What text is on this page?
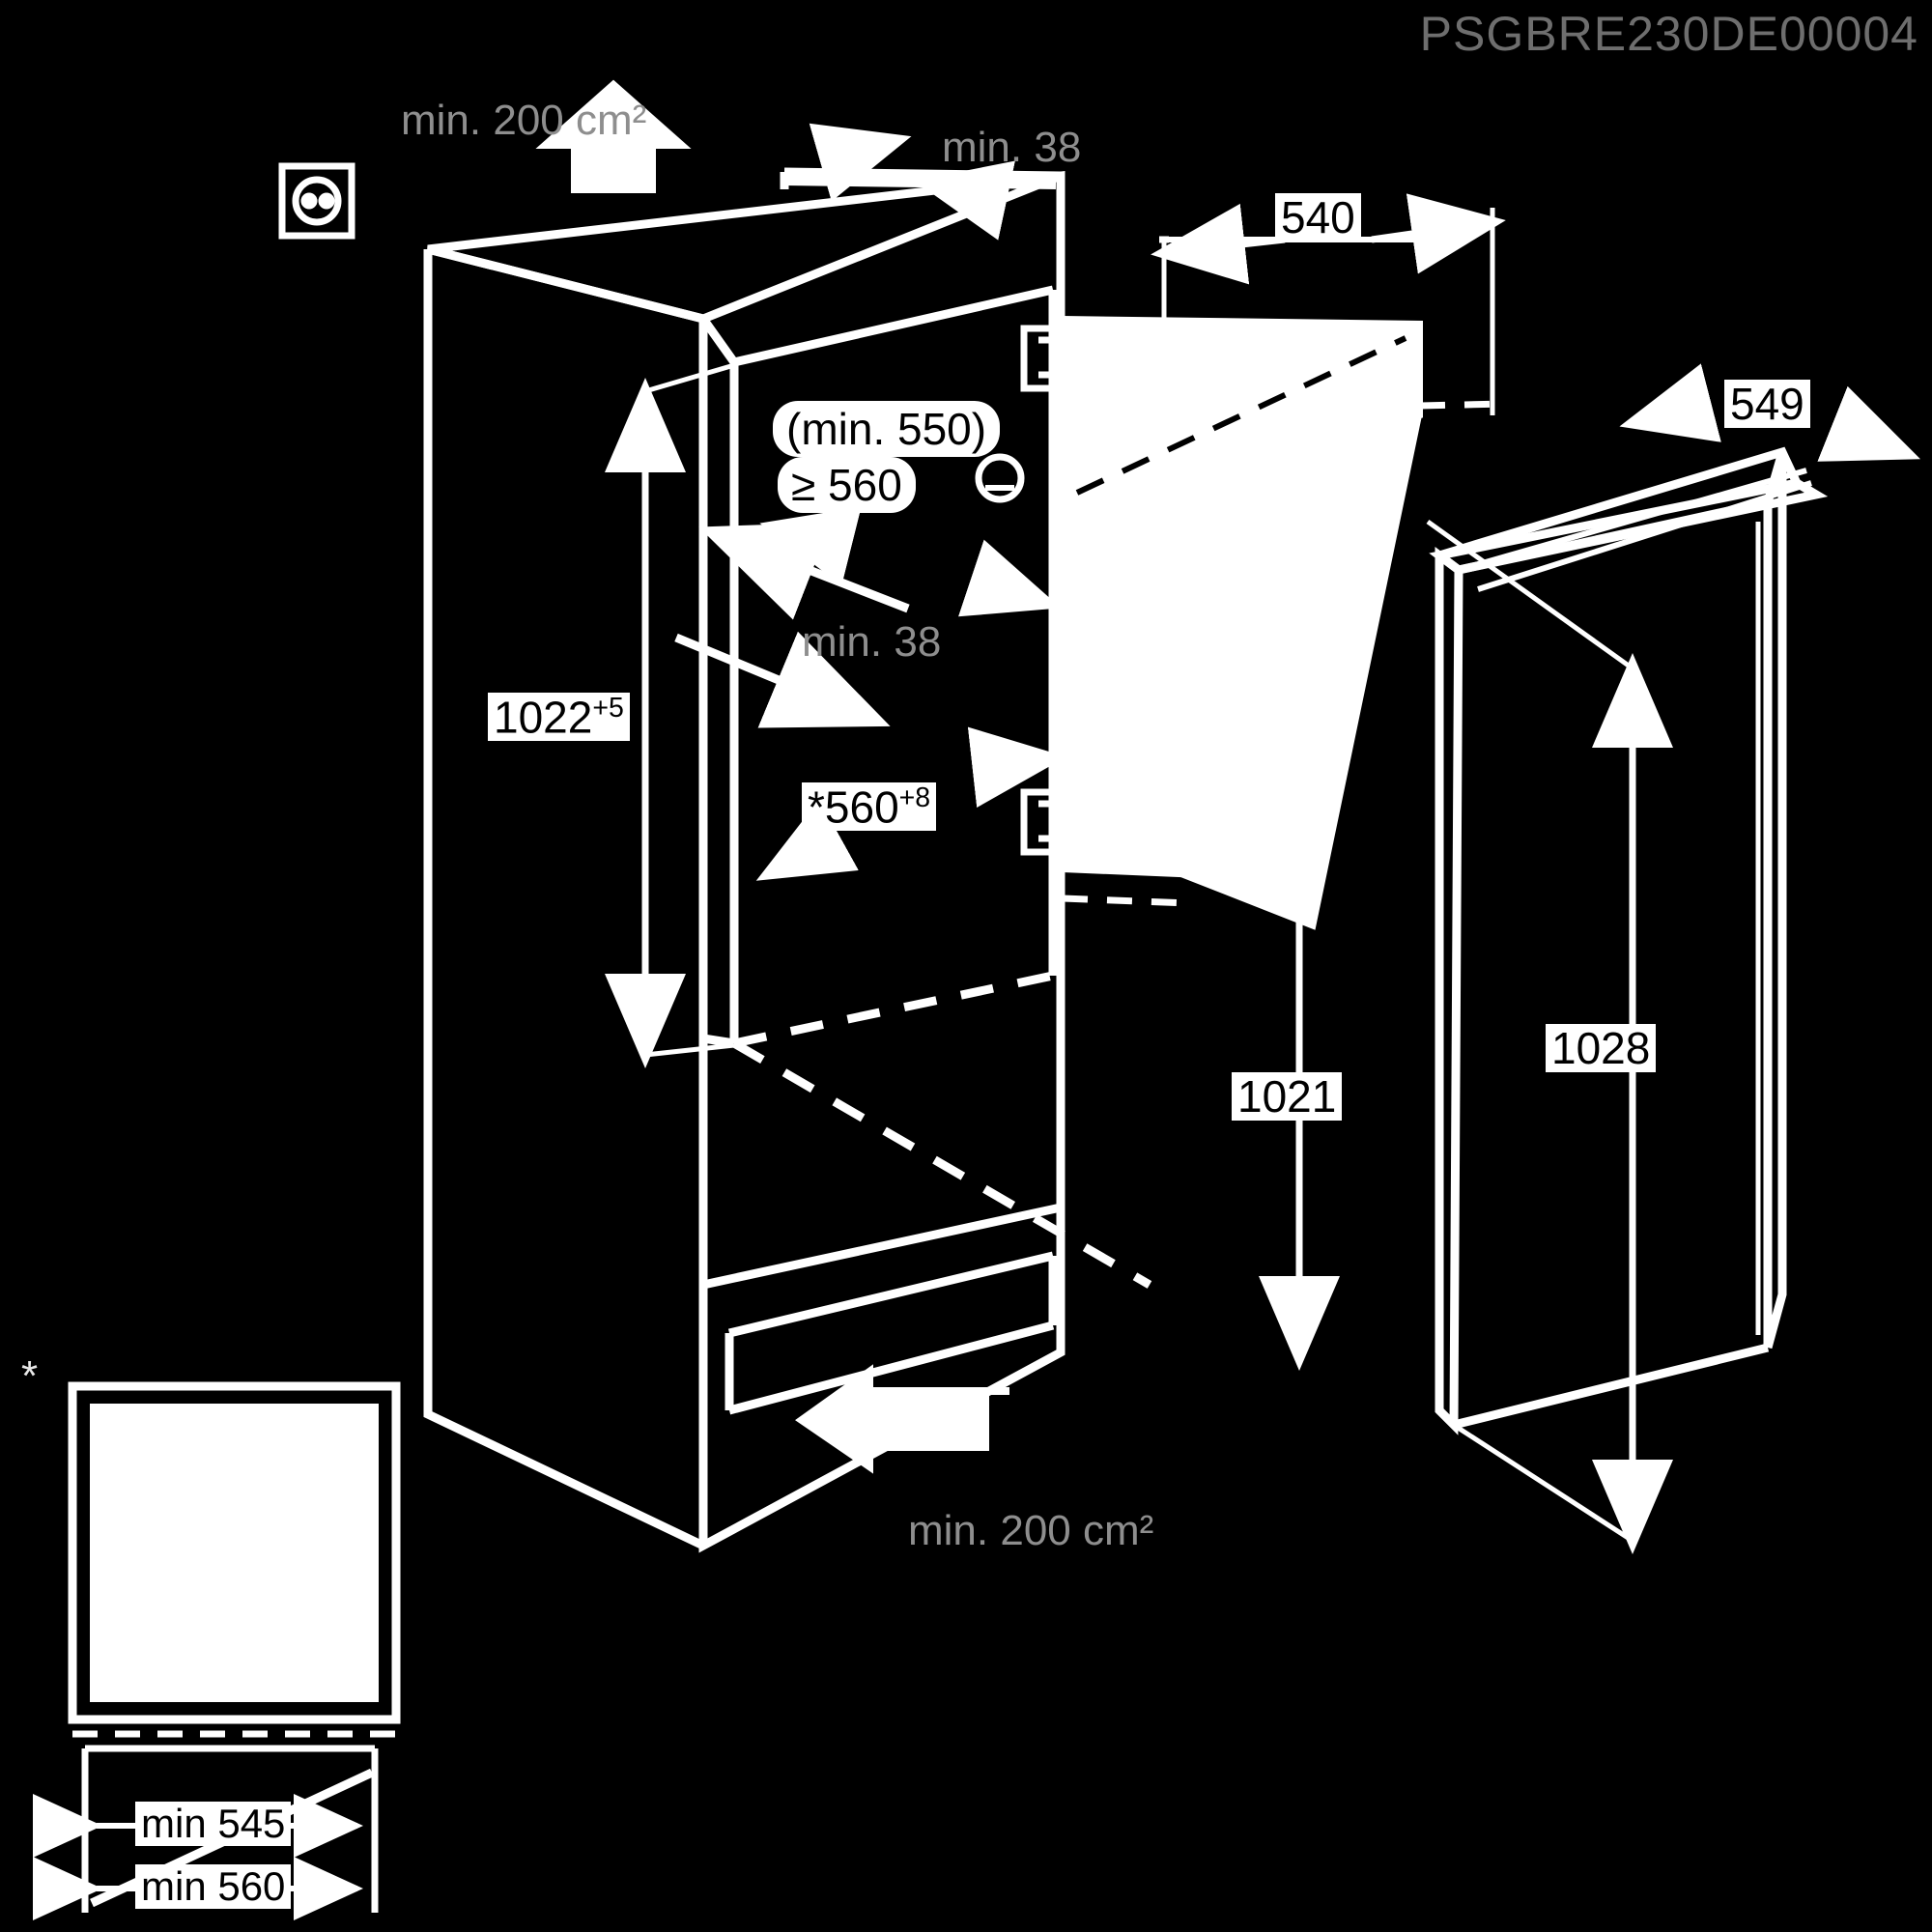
PSGBRE230DE00004
min. 200 cm²
min. 38
min. 38
min. 200 cm²
(min. 550)
≥ 560
540
549
$1022^{+5}$
$*560^{+8}$
1021
1028
*
min 545
min 560
